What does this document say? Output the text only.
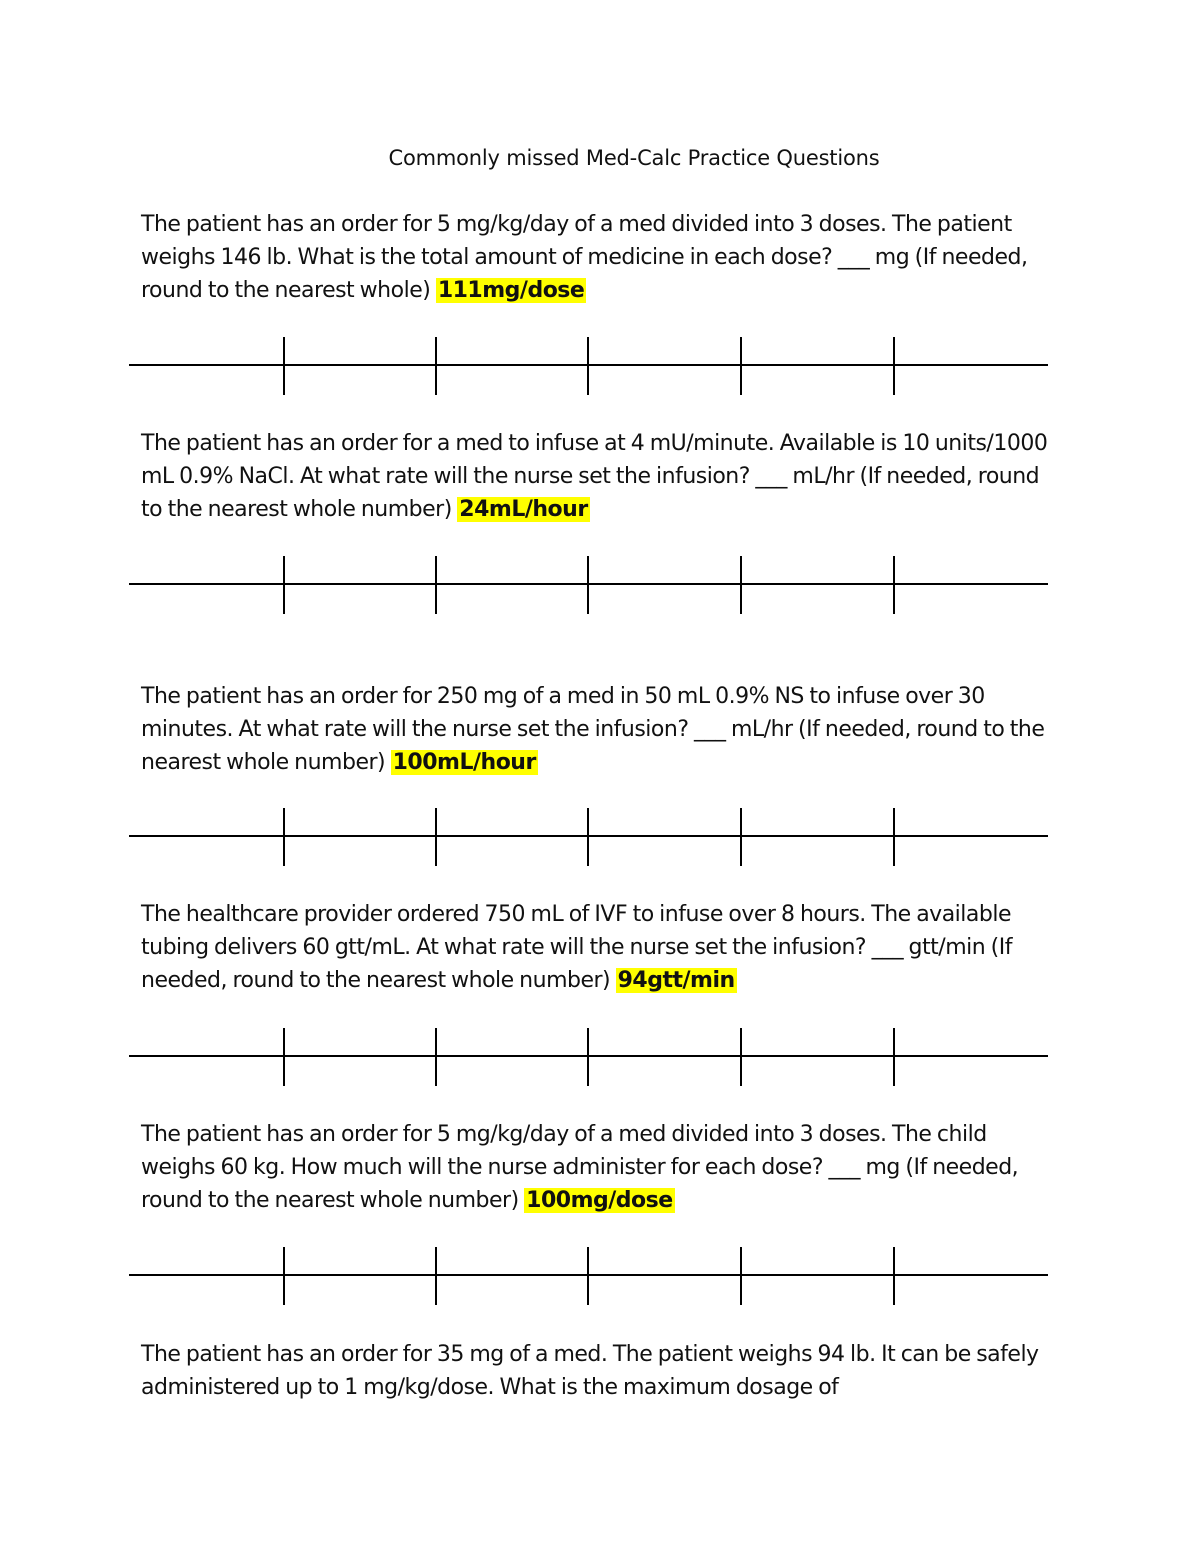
Commonly missed Med-Calc Practice Questions

The patient has an order for 5 mg/kg/day of a med divided into 3 doses. The patient weighs 146 lb. What is the total amount of medicine in each dose? ___ mg (If needed, round to the nearest whole) 111mg/dose

The patient has an order for a med to infuse at 4 mU/minute. Available is 10 units/1000 mL 0.9% NaCl. At what rate will the nurse set the infusion? ___ mL/hr (If needed, round to the nearest whole number) 24mL/hour

The patient has an order for 250 mg of a med in 50 mL 0.9% NS to infuse over 30 minutes. At what rate will the nurse set the infusion? ___ mL/hr (If needed, round to the nearest whole number) 100mL/hour

The healthcare provider ordered 750 mL of IVF to infuse over 8 hours. The available tubing delivers 60 gtt/mL. At what rate will the nurse set the infusion? ___ gtt/min (If needed, round to the nearest whole number) 94gtt/min

The patient has an order for 5 mg/kg/day of a med divided into 3 doses. The child weighs 60 kg. How much will the nurse administer for each dose? ___ mg (If needed, round to the nearest whole number) 100mg/dose

The patient has an order for 35 mg of a med. The patient weighs 94 lb. It can be safely administered up to 1 mg/kg/dose. What is the maximum dosage of
